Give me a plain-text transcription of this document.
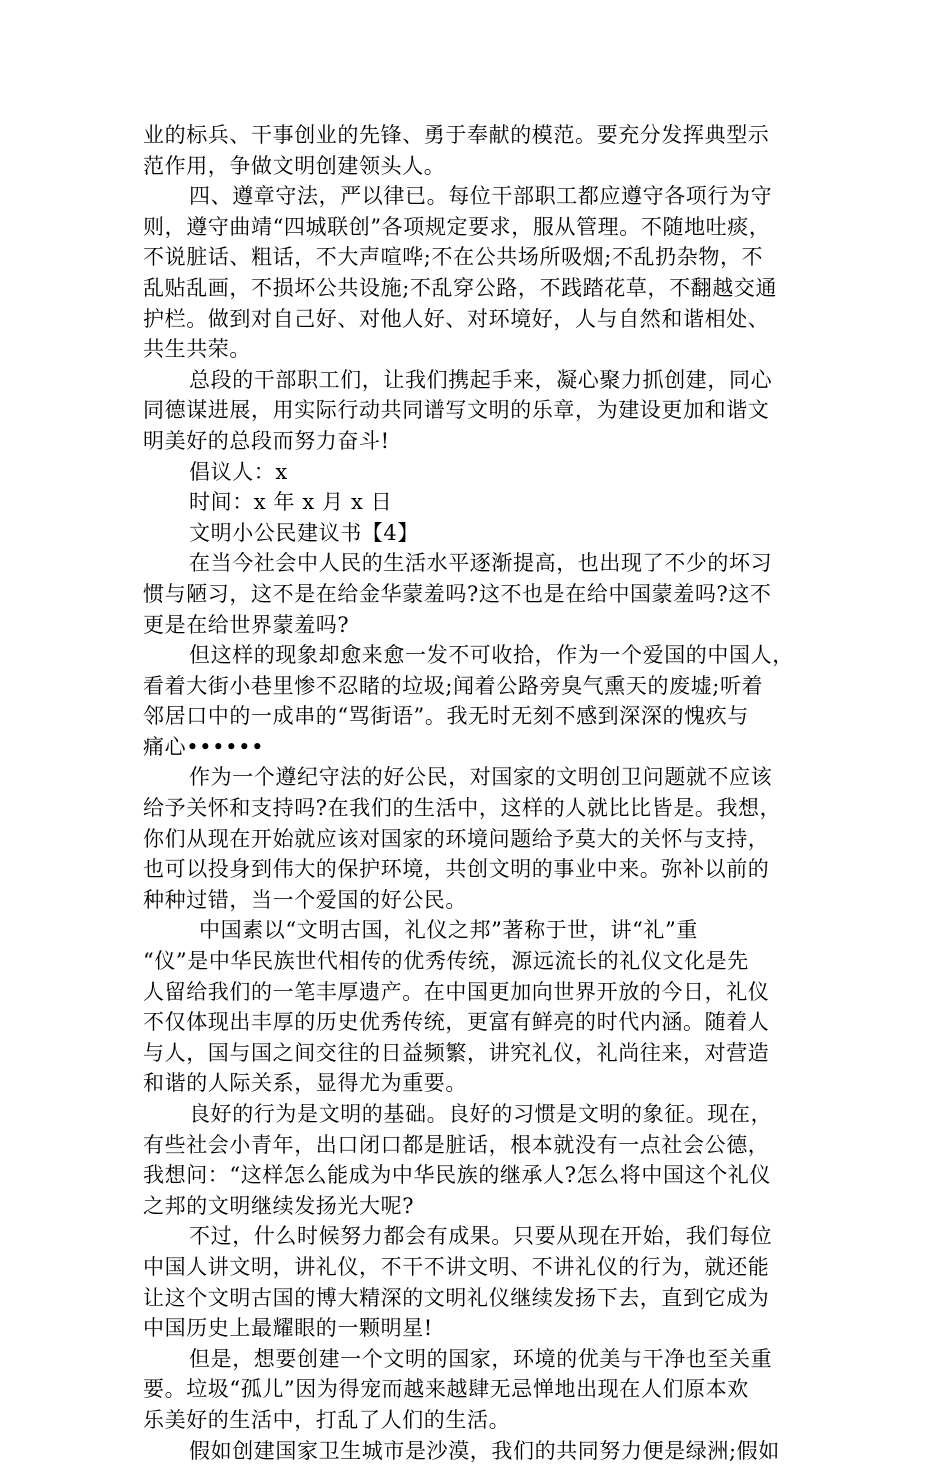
业的标兵、干事创业的先锋、勇于奉献的模范。要充分发挥典型示
范作用，争做文明创建领头人。
四、遵章守法，严以律已。每位干部职工都应遵守各项行为守
则，遵守曲靖“四城联创”各项规定要求，服从管理。不随地吐痰，
不说脏话、粗话，不大声喧哗;不在公共场所吸烟;不乱扔杂物，不
乱贴乱画，不损坏公共设施;不乱穿公路，不践踏花草，不翻越交通
护栏。做到对自己好、对他人好、对环境好，人与自然和谐相处、
共生共荣。
总段的干部职工们，让我们携起手来，凝心聚力抓创建，同心
同德谋进展，用实际行动共同谱写文明的乐章，为建设更加和谐文
明美好的总段而努力奋斗!
倡议人：x
时间：x 年 x 月 x 日
文明小公民建议书【4】
在当今社会中人民的生活水平逐渐提高，也出现了不少的坏习
惯与陋习，这不是在给金华蒙羞吗?这不也是在给中国蒙羞吗?这不
更是在给世界蒙羞吗?
但这样的现象却愈来愈一发不可收拾，作为一个爱国的中国人，
看着大街小巷里惨不忍睹的垃圾;闻着公路旁臭气熏天的废墟;听着
邻居口中的一成串的“骂街语”。我无时无刻不感到深深的愧疚与
痛心••••••
作为一个遵纪守法的好公民，对国家的文明创卫问题就不应该
给予关怀和支持吗?在我们的生活中，这样的人就比比皆是。我想，
你们从现在开始就应该对国家的环境问题给予莫大的关怀与支持，
也可以投身到伟大的保护环境，共创文明的事业中来。弥补以前的
种种过错，当一个爱国的好公民。
中国素以“文明古国，礼仪之邦”著称于世，讲“礼”重
“仪”是中华民族世代相传的优秀传统，源远流长的礼仪文化是先
人留给我们的一笔丰厚遗产。在中国更加向世界开放的今日，礼仪
不仅体现出丰厚的历史优秀传统，更富有鲜亮的时代内涵。随着人
与人，国与国之间交往的日益频繁，讲究礼仪，礼尚往来，对营造
和谐的人际关系，显得尤为重要。
良好的行为是文明的基础。良好的习惯是文明的象征。现在，
有些社会小青年，出口闭口都是脏话，根本就没有一点社会公德，
我想问：“这样怎么能成为中华民族的继承人?怎么将中国这个礼仪
之邦的文明继续发扬光大呢?
不过，什么时候努力都会有成果。只要从现在开始，我们每位
中国人讲文明，讲礼仪，不干不讲文明、不讲礼仪的行为，就还能
让这个文明古国的博大精深的文明礼仪继续发扬下去，直到它成为
中国历史上最耀眼的一颗明星!
但是，想要创建一个文明的国家，环境的优美与干净也至关重
要。垃圾“孤儿”因为得宠而越来越肆无忌惮地出现在人们原本欢
乐美好的生活中，打乱了人们的生活。
假如创建国家卫生城市是沙漠，我们的共同努力便是绿洲;假如
